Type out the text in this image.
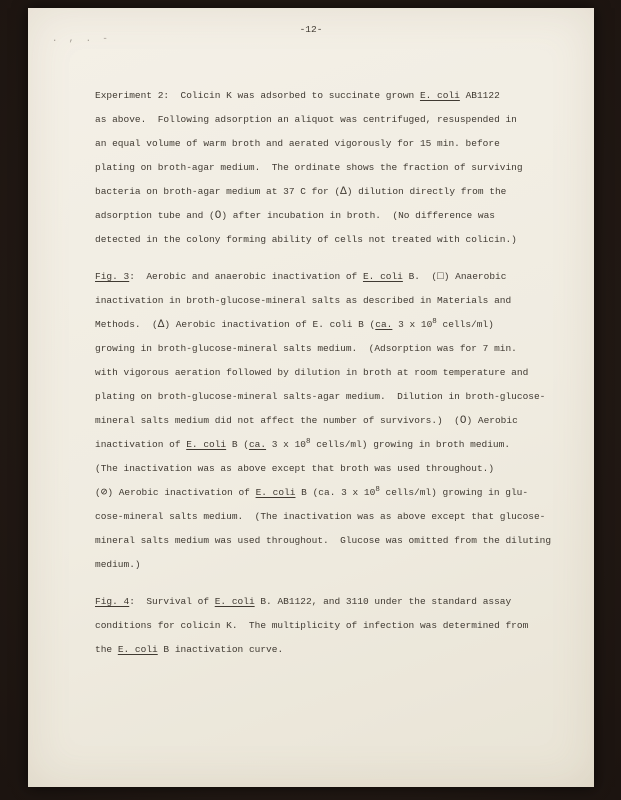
-12-
. , . -
Experiment 2:  Colicin K was adsorbed to succinate grown E. coli AB1122
as above.  Following adsorption an aliquot was centrifuged, resuspended in
an equal volume of warm broth and aerated vigorously for 15 min. before
plating on broth-agar medium.  The ordinate shows the fraction of surviving
bacteria on broth-agar medium at 37 C for (Δ) dilution directly from the
adsorption tube and (O) after incubation in broth.  (No difference was
detected in the colony forming ability of cells not treated with colicin.)
Fig. 3:  Aerobic and anaerobic inactivation of E. coli B.  (□) Anaerobic
inactivation in broth-glucose-mineral salts as described in Materials and
Methods.  (Δ) Aerobic inactivation of E. coli B (ca. 3 x $10^8$ cells/ml)
growing in broth-glucose-mineral salts medium.  (Adsorption was for 7 min.
with vigorous aeration followed by dilution in broth at room temperature and
plating on broth-glucose-mineral salts-agar medium.  Dilution in broth-glucose-
mineral salts medium did not affect the number of survivors.)  (O) Aerobic
inactivation of E. coli B (ca. 3 x $10^8$ cells/ml) growing in broth medium.
(The inactivation was as above except that broth was used throughout.)
(⊘) Aerobic inactivation of E. coli B (ca. 3 x $10^8$ cells/ml) growing in glu-
cose-mineral salts medium.  (The inactivation was as above except that glucose-
mineral salts medium was used throughout.  Glucose was omitted from the diluting
medium.)
Fig. 4:  Survival of E. coli B. AB1122, and 3110 under the standard assay
conditions for colicin K.  The multiplicity of infection was determined from
the E. coli B inactivation curve.
